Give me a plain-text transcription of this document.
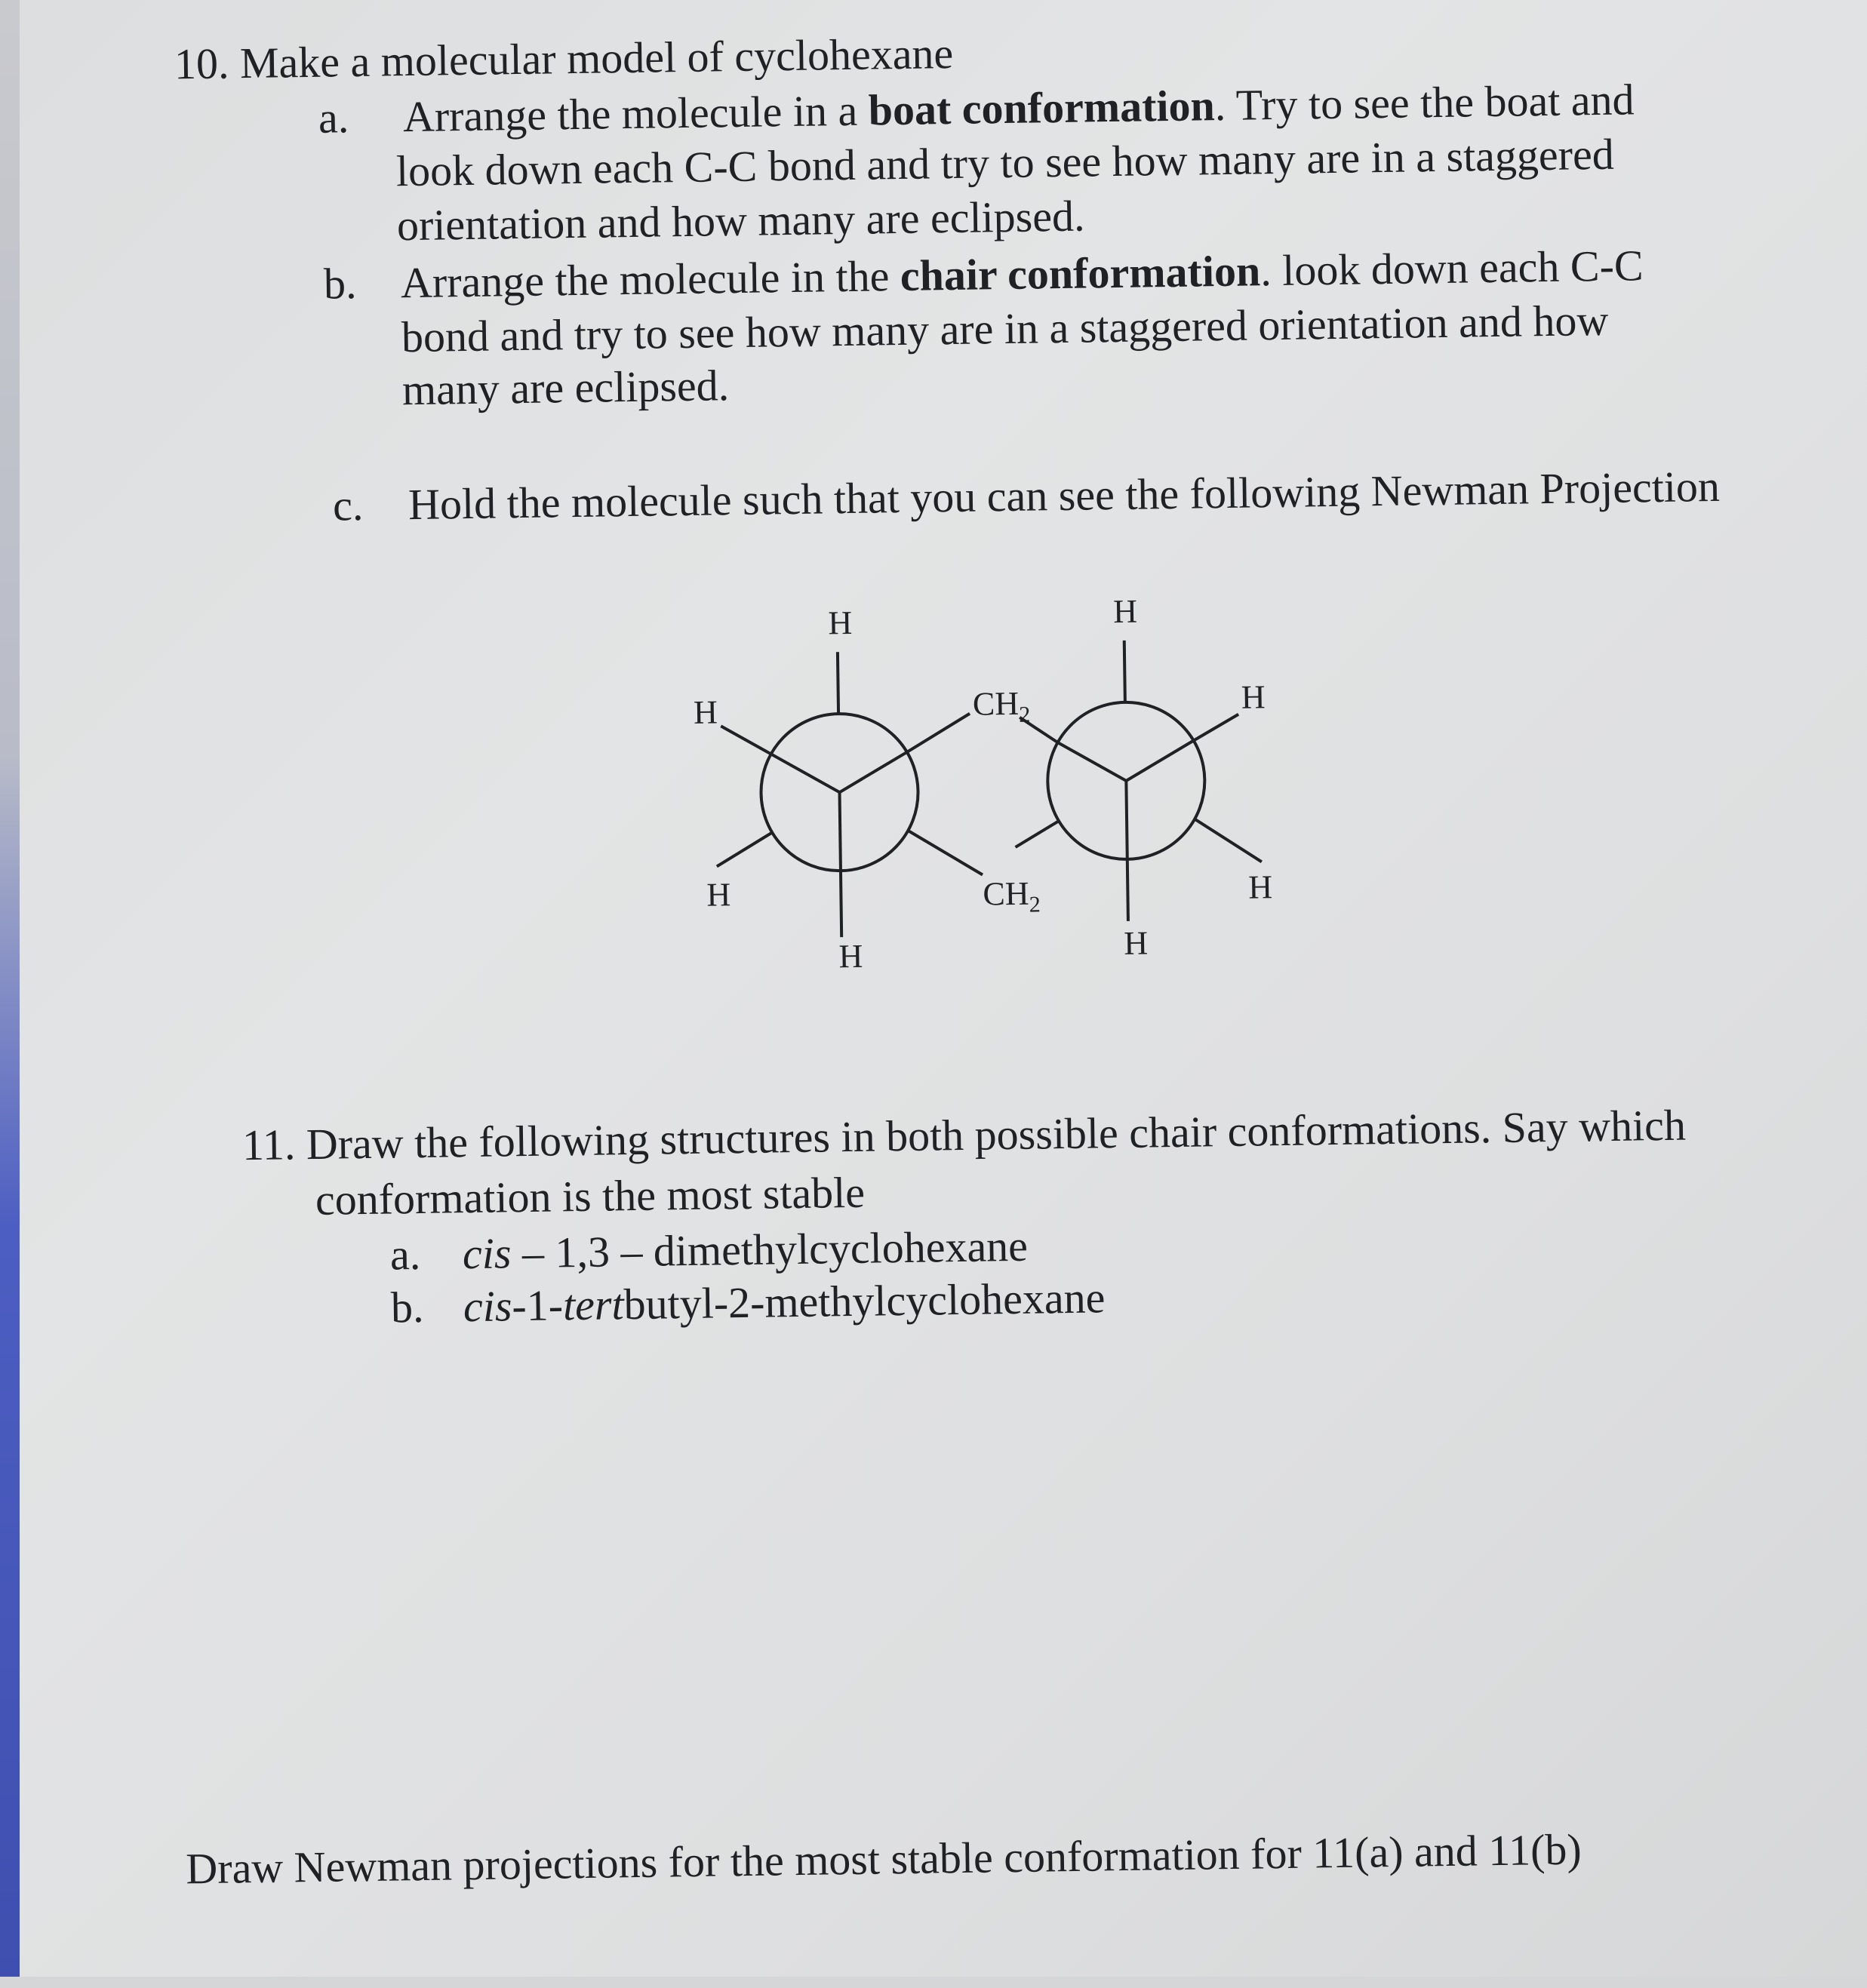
10. Make a molecular model of cyclohexane
a. Arrange the molecule in a boat conformation. Try to see the boat and
look down each C-C bond and try to see how many are in a staggered
orientation and how many are eclipsed.
b. Arrange the molecule in the chair conformation. look down each C-C
bond and try to see how many are in a staggered orientation and how
many are eclipsed.
c. Hold the molecule such that you can see the following Newman Projection
H
H
H
H
$CH_2$
$CH_2$
H
H
H
H
11. Draw the following structures in both possible chair conformations. Say which
conformation is the most stable
a. cis – 1,3 – dimethylcyclohexane
b. cis-1-tertbutyl-2-methylcyclohexane
Draw Newman projections for the most stable conformation for 11(a) and 11(b)
